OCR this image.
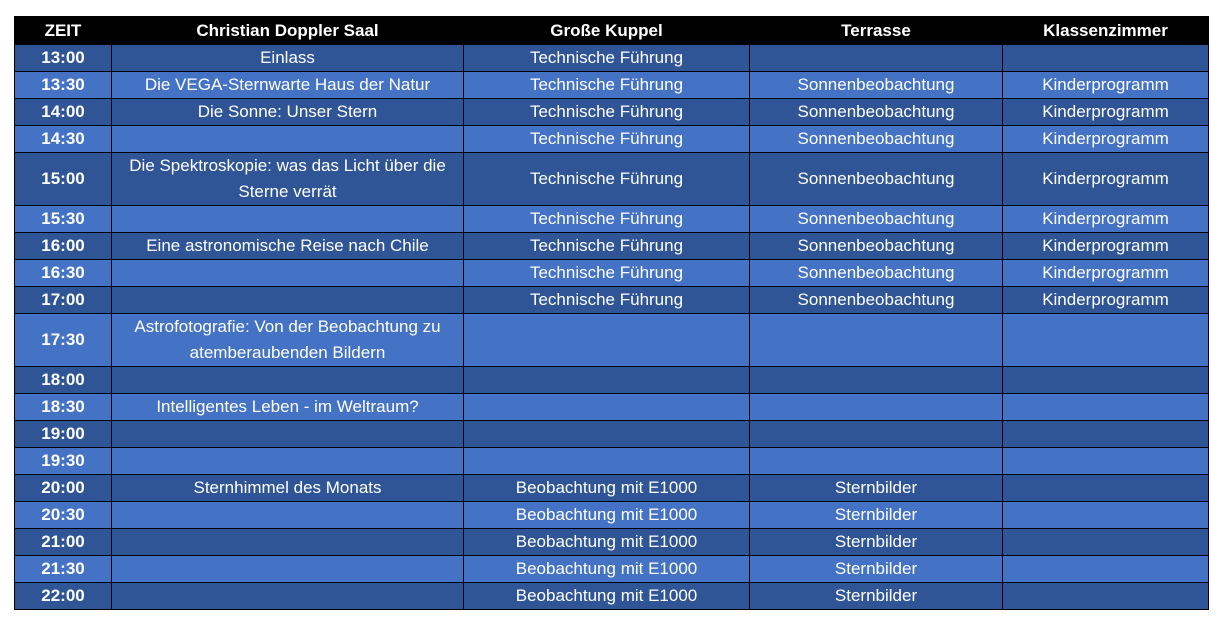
ZEIT	Christian Doppler Saal	Große Kuppel	Terrasse	Klassenzimmer
13:00	Einlass	Technische Führung		
13:30	Die VEGA-Sternwarte Haus der Natur	Technische Führung	Sonnenbeobachtung	Kinderprogramm
14:00	Die Sonne: Unser Stern	Technische Führung	Sonnenbeobachtung	Kinderprogramm
14:30		Technische Führung	Sonnenbeobachtung	Kinderprogramm
15:00	Die Spektroskopie: was das Licht über die Sterne verrät	Technische Führung	Sonnenbeobachtung	Kinderprogramm
15:30		Technische Führung	Sonnenbeobachtung	Kinderprogramm
16:00	Eine astronomische Reise nach Chile	Technische Führung	Sonnenbeobachtung	Kinderprogramm
16:30		Technische Führung	Sonnenbeobachtung	Kinderprogramm
17:00		Technische Führung	Sonnenbeobachtung	Kinderprogramm
17:30	Astrofotografie: Von der Beobachtung zu atemberaubenden Bildern			
18:00				
18:30	Intelligentes Leben - im Weltraum?			
19:00				
19:30				
20:00	Sternhimmel des Monats	Beobachtung mit E1000	Sternbilder	
20:30		Beobachtung mit E1000	Sternbilder	
21:00		Beobachtung mit E1000	Sternbilder	
21:30		Beobachtung mit E1000	Sternbilder	
22:00		Beobachtung mit E1000	Sternbilder	
